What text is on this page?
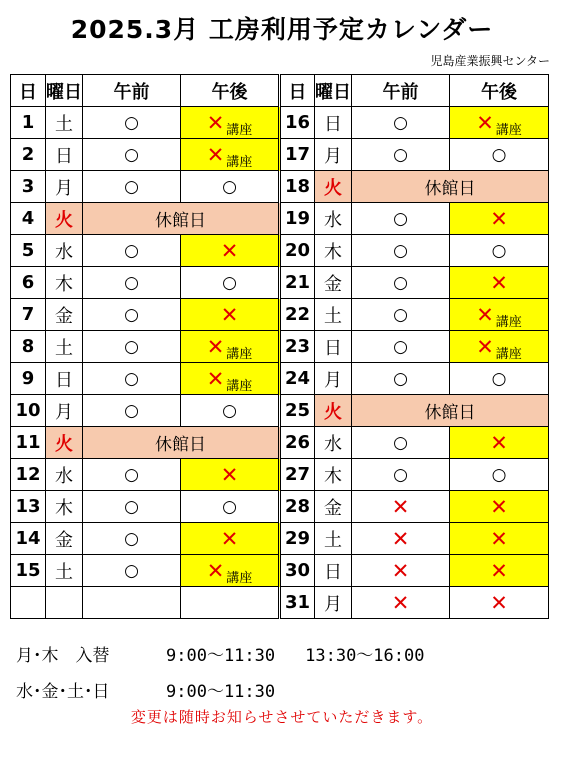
2025.3月 工房利用予定カレンダー
児島産業振興センター
日	曜日	午前	午後	日	曜日	午前	午後
1	土	○	✕ $_{講座}$	16	日	○	✕ $_{講座}$
2	日	○	✕ $_{講座}$	17	月	○	○
3	月	○	○	18	火	休館日	
4	火	休館日		19	水	○	✕
5	水	○	✕	20	木	○	○
6	木	○	○	21	金	○	✕
7	金	○	✕	22	土	○	✕ $_{講座}$
8	土	○	✕ $_{講座}$	23	日	○	✕ $_{講座}$
9	日	○	✕ $_{講座}$	24	月	○	○
10	月	○	○	25	火	休館日	
11	火	休館日		26	水	○	✕
12	水	○	✕	27	木	○	○
13	木	○	○	28	金	✕	✕
14	金	○	✕	29	土	✕	✕
15	土	○	✕ $_{講座}$	30	日	✕	✕
				31	月	✕	✕
月･木　入替	9:00～11:30 13:30～16:00
水･金･土･日	9:00～11:30
変更は随時お知らせさせていただきます。
